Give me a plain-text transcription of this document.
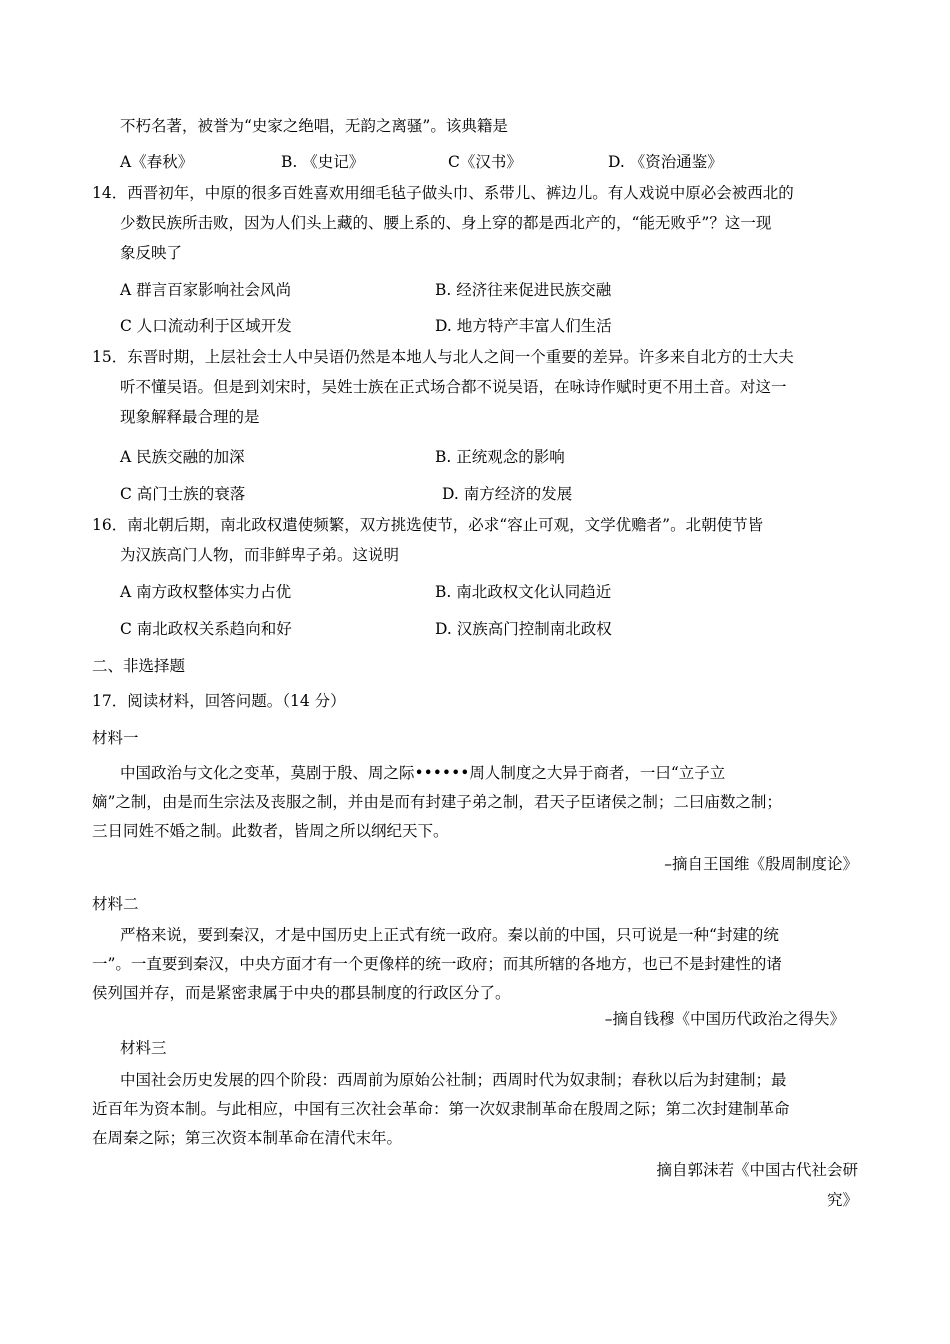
不朽名著，被誉为“史家之绝唱，无韵之离骚”。该典籍是
A《春秋》	B. 《史记》	C《汉书》	D. 《资治通鉴》
14．西晋初年，中原的很多百姓喜欢用细毛毡子做头巾、系带儿、裤边儿。有人戏说中原必会被西北的
少数民族所击败，因为人们头上藏的、腰上系的、身上穿的都是西北产的，“能无败乎”？这一现
象反映了
A 群言百家影响社会风尚	B. 经济往来促进民族交融
C 人口流动利于区域开发	D. 地方特产丰富人们生活
15．东晋时期，上层社会士人中吴语仍然是本地人与北人之间一个重要的差异。许多来自北方的士大夫
听不懂吴语。但是到刘宋时，吴姓士族在正式场合都不说吴语，在咏诗作赋时更不用土音。对这一
现象解释最合理的是
A 民族交融的加深	B. 正统观念的影响
C 高门士族的衰落	D. 南方经济的发展
16．南北朝后期，南北政权遣使频繁，双方挑选使节，必求“容止可观，文学优赡者”。北朝使节皆
为汉族高门人物，而非鲜卑子弟。这说明
A 南方政权整体实力占优	B. 南北政权文化认同趋近
C 南北政权关系趋向和好	D. 汉族高门控制南北政权
二、非选择题
17．阅读材料，回答问题。（14 分）
材料一
中国政治与文化之变革，莫剧于殷、周之际••••••周人制度之大异于商者，一曰“立子立
嫡”之制，由是而生宗法及丧服之制，并由是而有封建子弟之制，君天子臣诸侯之制；二曰庙数之制；
三日同姓不婚之制。此数者，皆周之所以纲纪天下。
–摘自王国维《殷周制度论》
材料二
严格来说，要到秦汉，才是中国历史上正式有统一政府。秦以前的中国，只可说是一种“封建的统
一”。一直要到秦汉，中央方面才有一个更像样的统一政府；而其所辖的各地方，也已不是封建性的诸
侯列国并存，而是紧密隶属于中央的郡县制度的行政区分了。
–摘自钱穆《中国历代政治之得失》
材料三
中国社会历史发展的四个阶段：西周前为原始公社制；西周时代为奴隶制；春秋以后为封建制；最
近百年为资本制。与此相应，中国有三次社会革命：第一次奴隶制革命在殷周之际；第二次封建制革命
在周秦之际；第三次资本制革命在清代末年。
摘自郭沫若《中国古代社会研
究》
